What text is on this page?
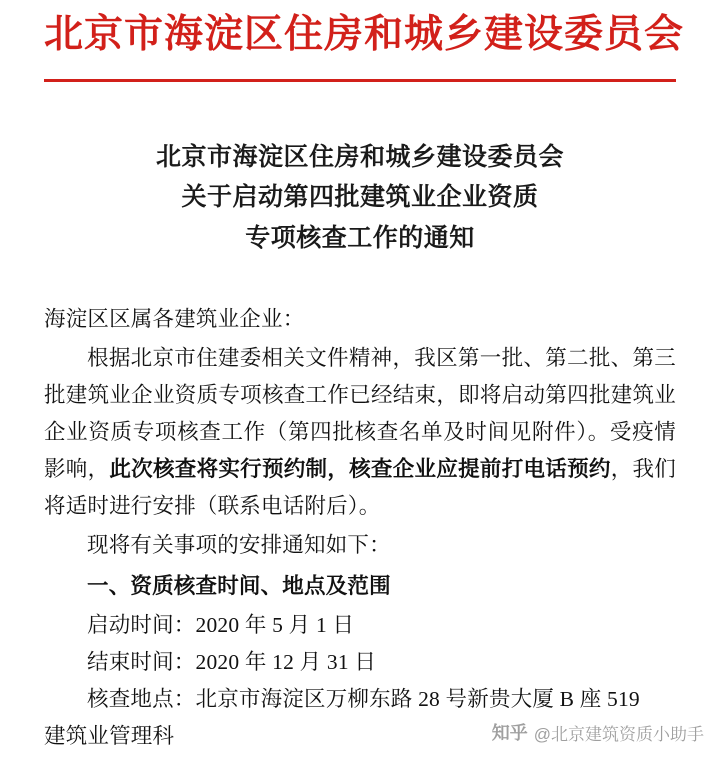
北京市海淀区住房和城乡建设委员会
北京市海淀区住房和城乡建设委员会
关于启动第四批建筑业企业资质
专项核查工作的通知

海淀区区属各建筑业企业：

根据北京市住建委相关文件精神，我区第一批、第二批、第三批建筑业企业资质专项核查工作已经结束，即将启动第四批建筑业企业资质专项核查工作（第四批核查名单及时间见附件）。受疫情影响，此次核查将实行预约制，核查企业应提前打电话预约，我们将适时进行安排（联系电话附后）。

现将有关事项的安排通知如下：

一、资质核查时间、地点及范围

启动时间：2020 年 5 月 1 日

结束时间：2020 年 12 月 31 日

核查地点：北京市海淀区万柳东路 28 号新贵大厦 B 座 519

建筑业管理科	知乎 @北京建筑资质小助手
